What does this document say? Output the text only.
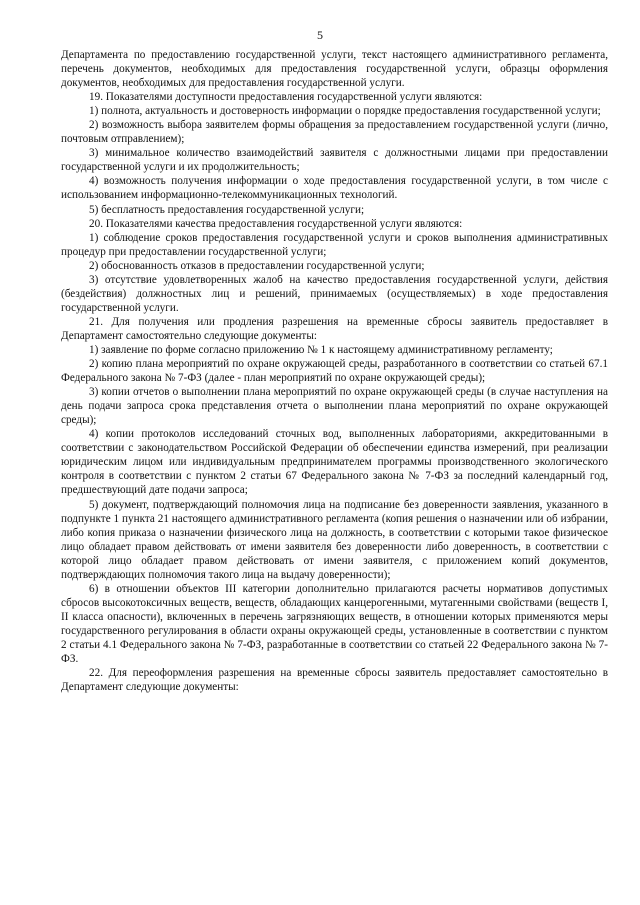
5

Департамента по предоставлению государственной услуги, текст настоящего административного регламента, перечень документов, необходимых для предоставления государственной услуги, образцы оформления документов, необходимых для предоставления государственной услуги.

19. Показателями доступности предоставления государственной услуги являются:

1) полнота, актуальность и достоверность информации о порядке предоставления государственной услуги;

2) возможность выбора заявителем формы обращения за предоставлением государственной услуги (лично, почтовым отправлением);

3) минимальное количество взаимодействий заявителя с должностными лицами при предоставлении государственной услуги и их продолжительность;

4) возможность получения информации о ходе предоставления государственной услуги, в том числе с использованием информационно-телекоммуникационных технологий.

5) бесплатность предоставления государственной услуги;

20. Показателями качества предоставления государственной услуги являются:

1) соблюдение сроков предоставления государственной услуги и сроков выполнения административных процедур при предоставлении государственной услуги;

2) обоснованность отказов в предоставлении государственной услуги;

3) отсутствие удовлетворенных жалоб на качество предоставления государственной услуги, действия (бездействия) должностных лиц и решений, принимаемых (осуществляемых) в ходе предоставления государственной услуги.

21. Для получения или продления разрешения на временные сбросы заявитель предоставляет в Департамент самостоятельно следующие документы:

1) заявление по форме согласно приложению № 1 к настоящему административному регламенту;

2) копию плана мероприятий по охране окружающей среды, разработанного в соответствии со статьей 67.1 Федерального закона № 7-ФЗ (далее - план мероприятий по охране окружающей среды);

3) копии отчетов о выполнении плана мероприятий по охране окружающей среды (в случае наступления на день подачи запроса срока представления отчета о выполнении плана мероприятий по охране окружающей среды);

4) копии протоколов исследований сточных вод, выполненных лабораториями, аккредитованными в соответствии с законодательством Российской Федерации об обеспечении единства измерений, при реализации юридическим лицом или индивидуальным предпринимателем программы производственного экологического контроля в соответствии с пунктом 2 статьи 67 Федерального закона № 7-ФЗ за последний календарный год, предшествующий дате подачи запроса;

5) документ, подтверждающий полномочия лица на подписание без доверенности заявления, указанного в подпункте 1 пункта 21 настоящего административного регламента (копия решения о назначении или об избрании, либо копия приказа о назначении физического лица на должность, в соответствии с которыми такое физическое лицо обладает правом действовать от имени заявителя без доверенности либо доверенность, в соответствии с которой лицо обладает правом действовать от имени заявителя, с приложением копий документов, подтверждающих полномочия такого лица на выдачу доверенности);

6) в отношении объектов III категории дополнительно прилагаются расчеты нормативов допустимых сбросов высокотоксичных веществ, веществ, обладающих канцерогенными, мутагенными свойствами (веществ I, II класса опасности), включенных в перечень загрязняющих веществ, в отношении которых применяются меры государственного регулирования в области охраны окружающей среды, установленные в соответствии с пунктом 2 статьи 4.1 Федерального закона № 7-ФЗ, разработанные в соответствии со статьей 22 Федерального закона № 7-ФЗ.

22. Для переоформления разрешения на временные сбросы заявитель предоставляет самостоятельно в Департамент следующие документы:
